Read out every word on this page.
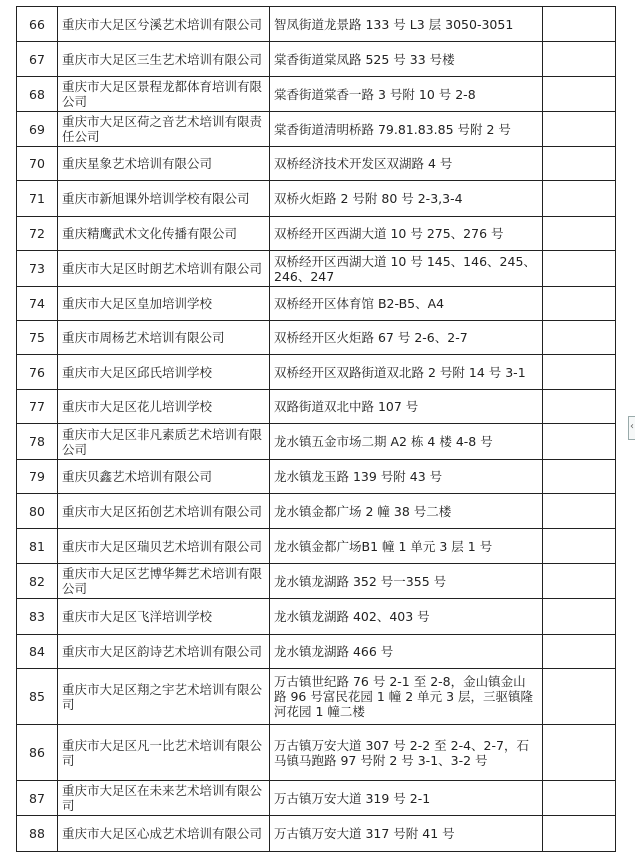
66	重庆市大足区兮溪艺术培训有限公司	智凤街道龙景路 133 号 L3 层 3050-3051	
67	重庆市大足区三生艺术培训有限公司	棠香街道棠凤路 525 号 33 号楼	
68	重庆市大足区景程龙都体育培训有限公司	棠香街道棠香一路 3 号附 10 号 2-8	
69	重庆市大足区荷之音艺术培训有限责任公司	棠香街道清明桥路 79.81.83.85 号附 2 号	
70	重庆星象艺术培训有限公司	双桥经济技术开发区双湖路 4 号	
71	重庆市新旭课外培训学校有限公司	双桥火炬路 2 号附 80 号 2-3,3-4	
72	重庆精鹰武术文化传播有限公司	双桥经开区西湖大道 10 号 275、276 号	
73	重庆市大足区时朗艺术培训有限公司	双桥经开区西湖大道 10 号 145、146、245、246、247	
74	重庆市大足区皇加培训学校	双桥经开区体育馆 B2-B5、A4	
75	重庆市周杨艺术培训有限公司	双桥经开区火炬路 67 号 2-6、2-7	
76	重庆市大足区邱氏培训学校	双桥经开区双路街道双北路 2 号附 14 号 3-1	
77	重庆市大足区花儿培训学校	双路街道双北中路 107 号	
78	重庆市大足区非凡素质艺术培训有限公司	龙水镇五金市场二期 A2 栋 4 楼 4-8 号	
79	重庆贝鑫艺术培训有限公司	龙水镇龙玉路 139 号附 43 号	
80	重庆市大足区拓创艺术培训有限公司	龙水镇金都广场 2 幢 38 号二楼	
81	重庆市大足区瑞贝艺术培训有限公司	龙水镇金都广场B1 幢 1 单元 3 层 1 号	
82	重庆市大足区艺博华舞艺术培训有限公司	龙水镇龙湖路 352 号一355 号	
83	重庆市大足区飞洋培训学校	龙水镇龙湖路 402、403 号	
84	重庆市大足区韵诗艺术培训有限公司	龙水镇龙湖路 466 号	
85	重庆市大足区翔之宇艺术培训有限公司	万古镇世纪路 76 号 2-1 至 2-8，金山镇金山路 96 号富民花园 1 幢 2 单元 3 层，三驱镇隆河花园 1 幢二楼	
86	重庆市大足区凡一比艺术培训有限公司	万古镇万安大道 307 号 2-2 至 2-4、2-7，石马镇马跑路 97 号附 2 号 3-1、3-2 号	
87	重庆市大足区在未来艺术培训有限公司	万古镇万安大道 319 号 2-1	
88	重庆市大足区心成艺术培训有限公司	万古镇万安大道 317 号附 41 号	
‹
